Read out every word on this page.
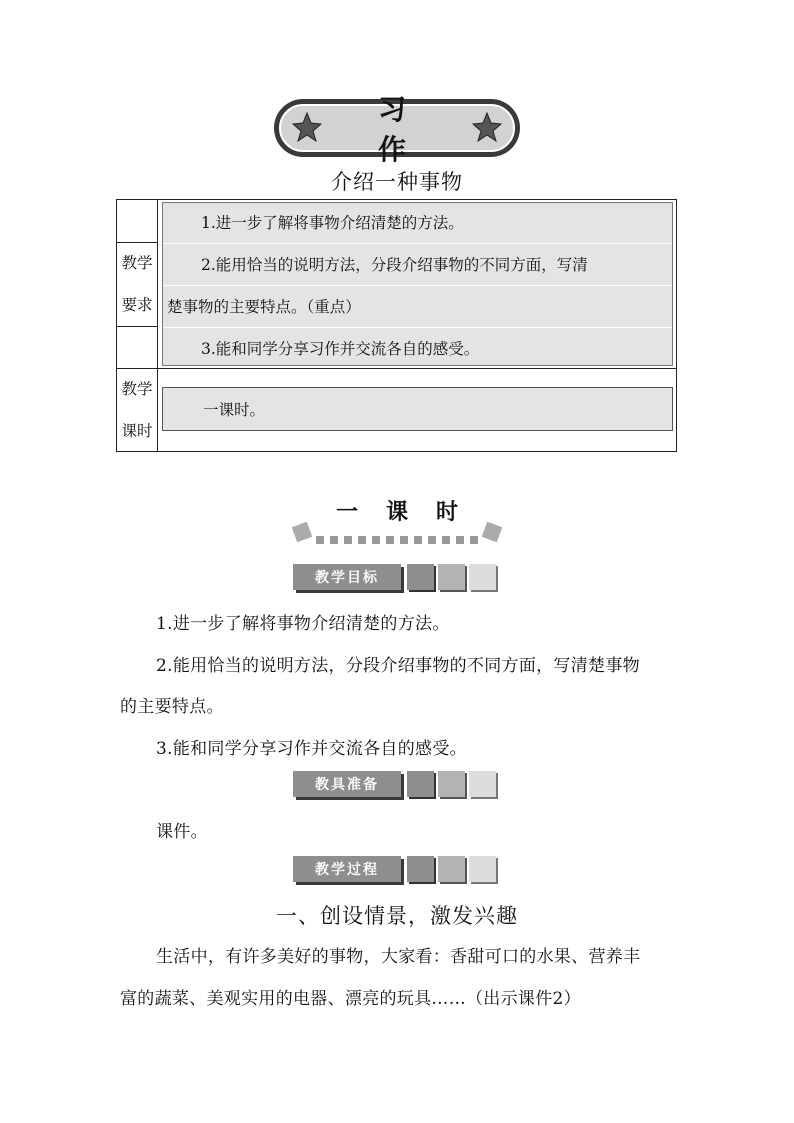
习作
介绍一种事物
教学
要求
1.进一步了解将事物介绍清楚的方法。
2.能用恰当的说明方法，分段介绍事物的不同方面，写清
楚事物的主要特点。（重点）
3.能和同学分享习作并交流各自的感受。
教学
课时
一课时。
一课时
教学目标
1.进一步了解将事物介绍清楚的方法。
2.能用恰当的说明方法，分段介绍事物的不同方面，写清楚事物
的主要特点。
3.能和同学分享习作并交流各自的感受。
教具准备
课件。
教学过程
一、创设情景，激发兴趣
生活中，有许多美好的事物，大家看：香甜可口的水果、营养丰
富的蔬菜、美观实用的电器、漂亮的玩具……（出示课件2）
